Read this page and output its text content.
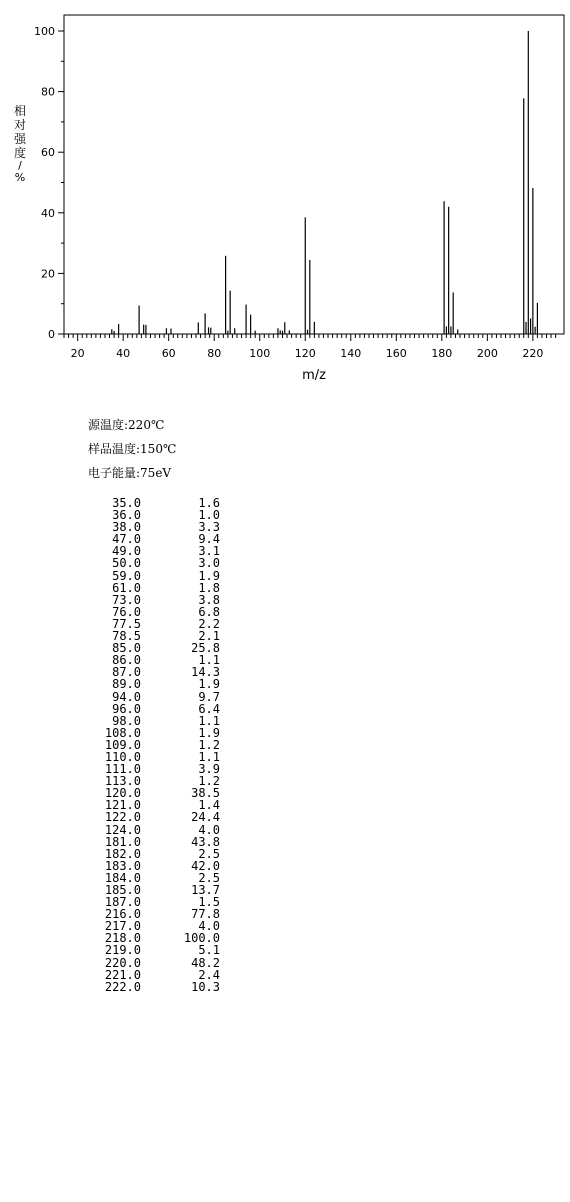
0
20
40
60
80
100
20	40	60	80	100 120 140 160 180 200 220
相对强度/ %
m/z
源温度:220℃
样品温度:150℃
电子能量:75eV
35.0	1.6
36.0	1.0
38.0	3.3
47.0	9.4
49.0	3.1
50.0	3.0
59.0	1.9
61.0	1.8
73.0	3.8
76.0	6.8
77.5	2.2
78.5	2.1
85.0	25.8
86.0	1.1
87.0	14.3
89.0	1.9
94.0	9.7
96.0	6.4
98.0	1.1
108.0	1.9
109.0	1.2
110.0	1.1
111.0	3.9
113.0	1.2
120.0	38.5
121.0	1.4
122.0	24.4
124.0	4.0
181.0	43.8
182.0	2.5
183.0	42.0
184.0	2.5
185.0	13.7
187.0	1.5
216.0	77.8
217.0	4.0
218.0	100.0
219.0	5.1
220.0	48.2
221.0	2.4
222.0	10.3
